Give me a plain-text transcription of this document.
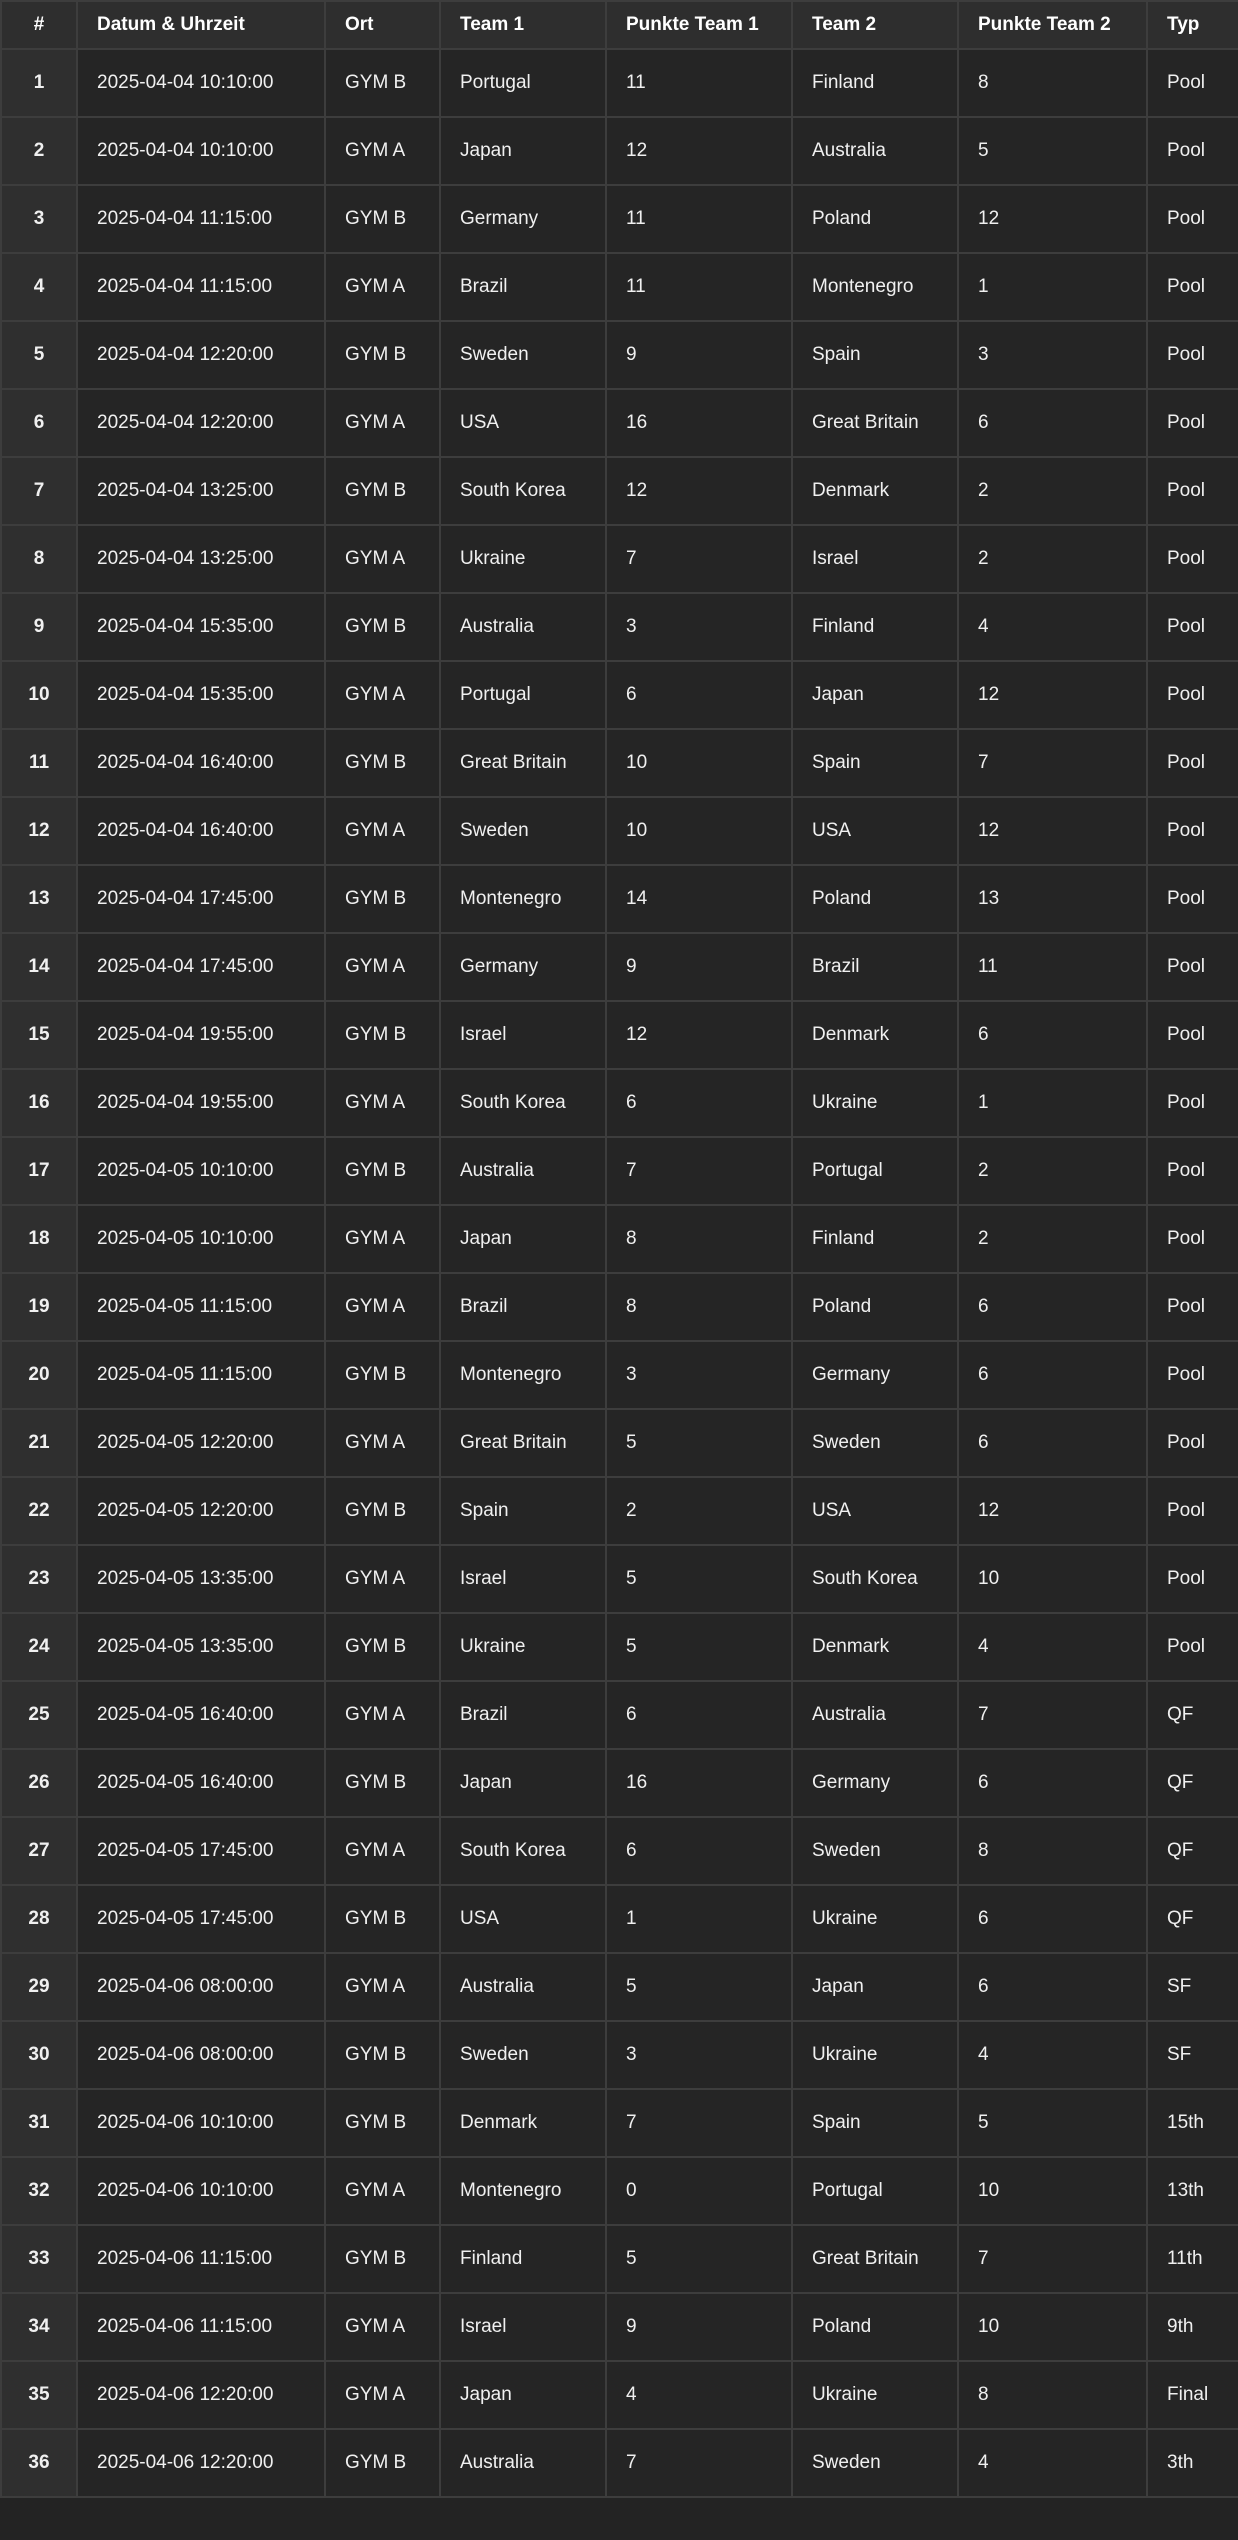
#	Datum & Uhrzeit	Ort	Team 1	Punkte Team 1	Team 2	Punkte Team 2	Typ
1	2025-04-04 10:10:00	GYM B	Portugal	11	Finland	8	Pool
2	2025-04-04 10:10:00	GYM A	Japan	12	Australia	5	Pool
3	2025-04-04 11:15:00	GYM B	Germany	11	Poland	12	Pool
4	2025-04-04 11:15:00	GYM A	Brazil	11	Montenegro	1	Pool
5	2025-04-04 12:20:00	GYM B	Sweden	9	Spain	3	Pool
6	2025-04-04 12:20:00	GYM A	USA	16	Great Britain	6	Pool
7	2025-04-04 13:25:00	GYM B	South Korea	12	Denmark	2	Pool
8	2025-04-04 13:25:00	GYM A	Ukraine	7	Israel	2	Pool
9	2025-04-04 15:35:00	GYM B	Australia	3	Finland	4	Pool
10	2025-04-04 15:35:00	GYM A	Portugal	6	Japan	12	Pool
11	2025-04-04 16:40:00	GYM B	Great Britain	10	Spain	7	Pool
12	2025-04-04 16:40:00	GYM A	Sweden	10	USA	12	Pool
13	2025-04-04 17:45:00	GYM B	Montenegro	14	Poland	13	Pool
14	2025-04-04 17:45:00	GYM A	Germany	9	Brazil	11	Pool
15	2025-04-04 19:55:00	GYM B	Israel	12	Denmark	6	Pool
16	2025-04-04 19:55:00	GYM A	South Korea	6	Ukraine	1	Pool
17	2025-04-05 10:10:00	GYM B	Australia	7	Portugal	2	Pool
18	2025-04-05 10:10:00	GYM A	Japan	8	Finland	2	Pool
19	2025-04-05 11:15:00	GYM A	Brazil	8	Poland	6	Pool
20	2025-04-05 11:15:00	GYM B	Montenegro	3	Germany	6	Pool
21	2025-04-05 12:20:00	GYM A	Great Britain	5	Sweden	6	Pool
22	2025-04-05 12:20:00	GYM B	Spain	2	USA	12	Pool
23	2025-04-05 13:35:00	GYM A	Israel	5	South Korea	10	Pool
24	2025-04-05 13:35:00	GYM B	Ukraine	5	Denmark	4	Pool
25	2025-04-05 16:40:00	GYM A	Brazil	6	Australia	7	QF
26	2025-04-05 16:40:00	GYM B	Japan	16	Germany	6	QF
27	2025-04-05 17:45:00	GYM A	South Korea	6	Sweden	8	QF
28	2025-04-05 17:45:00	GYM B	USA	1	Ukraine	6	QF
29	2025-04-06 08:00:00	GYM A	Australia	5	Japan	6	SF
30	2025-04-06 08:00:00	GYM B	Sweden	3	Ukraine	4	SF
31	2025-04-06 10:10:00	GYM B	Denmark	7	Spain	5	15th
32	2025-04-06 10:10:00	GYM A	Montenegro	0	Portugal	10	13th
33	2025-04-06 11:15:00	GYM B	Finland	5	Great Britain	7	11th
34	2025-04-06 11:15:00	GYM A	Israel	9	Poland	10	9th
35	2025-04-06 12:20:00	GYM A	Japan	4	Ukraine	8	Final
36	2025-04-06 12:20:00	GYM B	Australia	7	Sweden	4	3th
